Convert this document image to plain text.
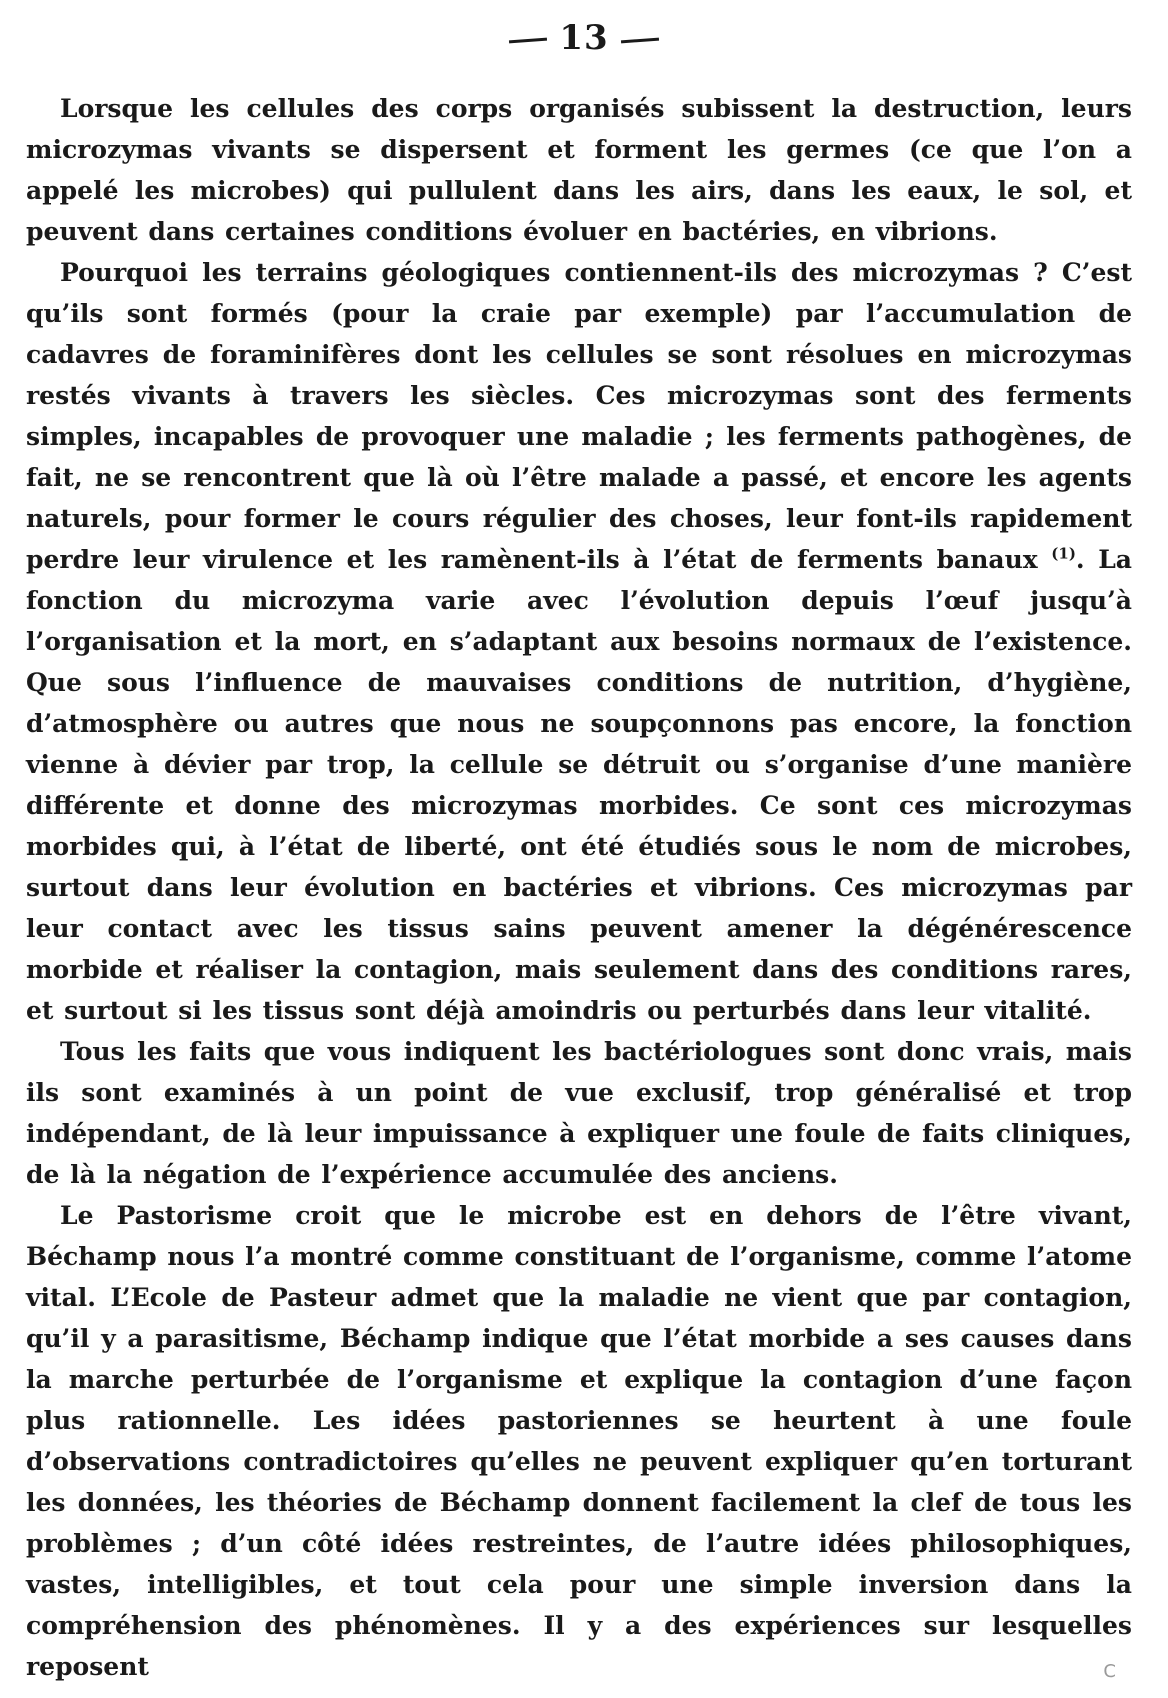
13

Lorsque les cellules des corps organisés subissent la destruction, leurs microzymas vivants se dispersent et forment les germes (ce que l’on a appelé les microbes) qui pullulent dans les airs, dans les eaux, le sol, et peuvent dans certaines conditions évoluer en bactéries, en vibrions.

Pourquoi les terrains géologiques contiennent-ils des microzymas ? C’est qu’ils sont formés (pour la craie par exemple) par l’accumulation de cadavres de foraminifères dont les cellules se sont résolues en microzymas restés vivants à travers les siècles. Ces microzymas sont des ferments simples, incapables de provoquer une maladie ; les ferments pathogènes, de fait, ne se rencontrent que là où l’être malade a passé, et encore les agents naturels, pour former le cours régulier des choses, leur font-ils rapidement perdre leur virulence et les ramènent-ils à l’état de ferments banaux $^{(1)}$. La fonction du microzyma varie avec l’évolution depuis l’œuf jusqu’à l’organisation et la mort, en s’adaptant aux besoins normaux de l’existence. Que sous l’influence de mauvaises conditions de nutrition, d’hygiène, d’atmosphère ou autres que nous ne soupçonnons pas encore, la fonction vienne à dévier par trop, la cellule se détruit ou s’organise d’une manière différente et donne des microzymas morbides. Ce sont ces microzymas morbides qui, à l’état de liberté, ont été étudiés sous le nom de microbes, surtout dans leur évolution en bactéries et vibrions. Ces microzymas par leur contact avec les tissus sains peuvent amener la dégénérescence morbide et réaliser la contagion, mais seulement dans des conditions rares, et surtout si les tissus sont déjà amoindris ou perturbés dans leur vitalité.

Tous les faits que vous indiquent les bactériologues sont donc vrais, mais ils sont examinés à un point de vue exclusif, trop généralisé et trop indépendant, de là leur impuissance à expliquer une foule de faits cliniques, de là la négation de l’expérience accumulée des anciens.

Le Pastorisme croit que le microbe est en dehors de l’être vivant, Béchamp nous l’a montré comme constituant de l’organisme, comme l’atome vital. L’Ecole de Pasteur admet que la maladie ne vient que par contagion, qu’il y a parasitisme, Béchamp indique que l’état morbide a ses causes dans la marche perturbée de l’organisme et explique la contagion d’une façon plus rationnelle. Les idées pastoriennes se heurtent à une foule d’observations contradictoires qu’elles ne peuvent expliquer qu’en torturant les données, les théories de Béchamp donnent facilement la clef de tous les problèmes ; d’un côté idées restreintes, de l’autre idées philosophiques, vastes, intelligibles, et tout cela pour une simple inversion dans la compréhension des phénomènes. Il y a des expériences sur lesquelles reposent	C
